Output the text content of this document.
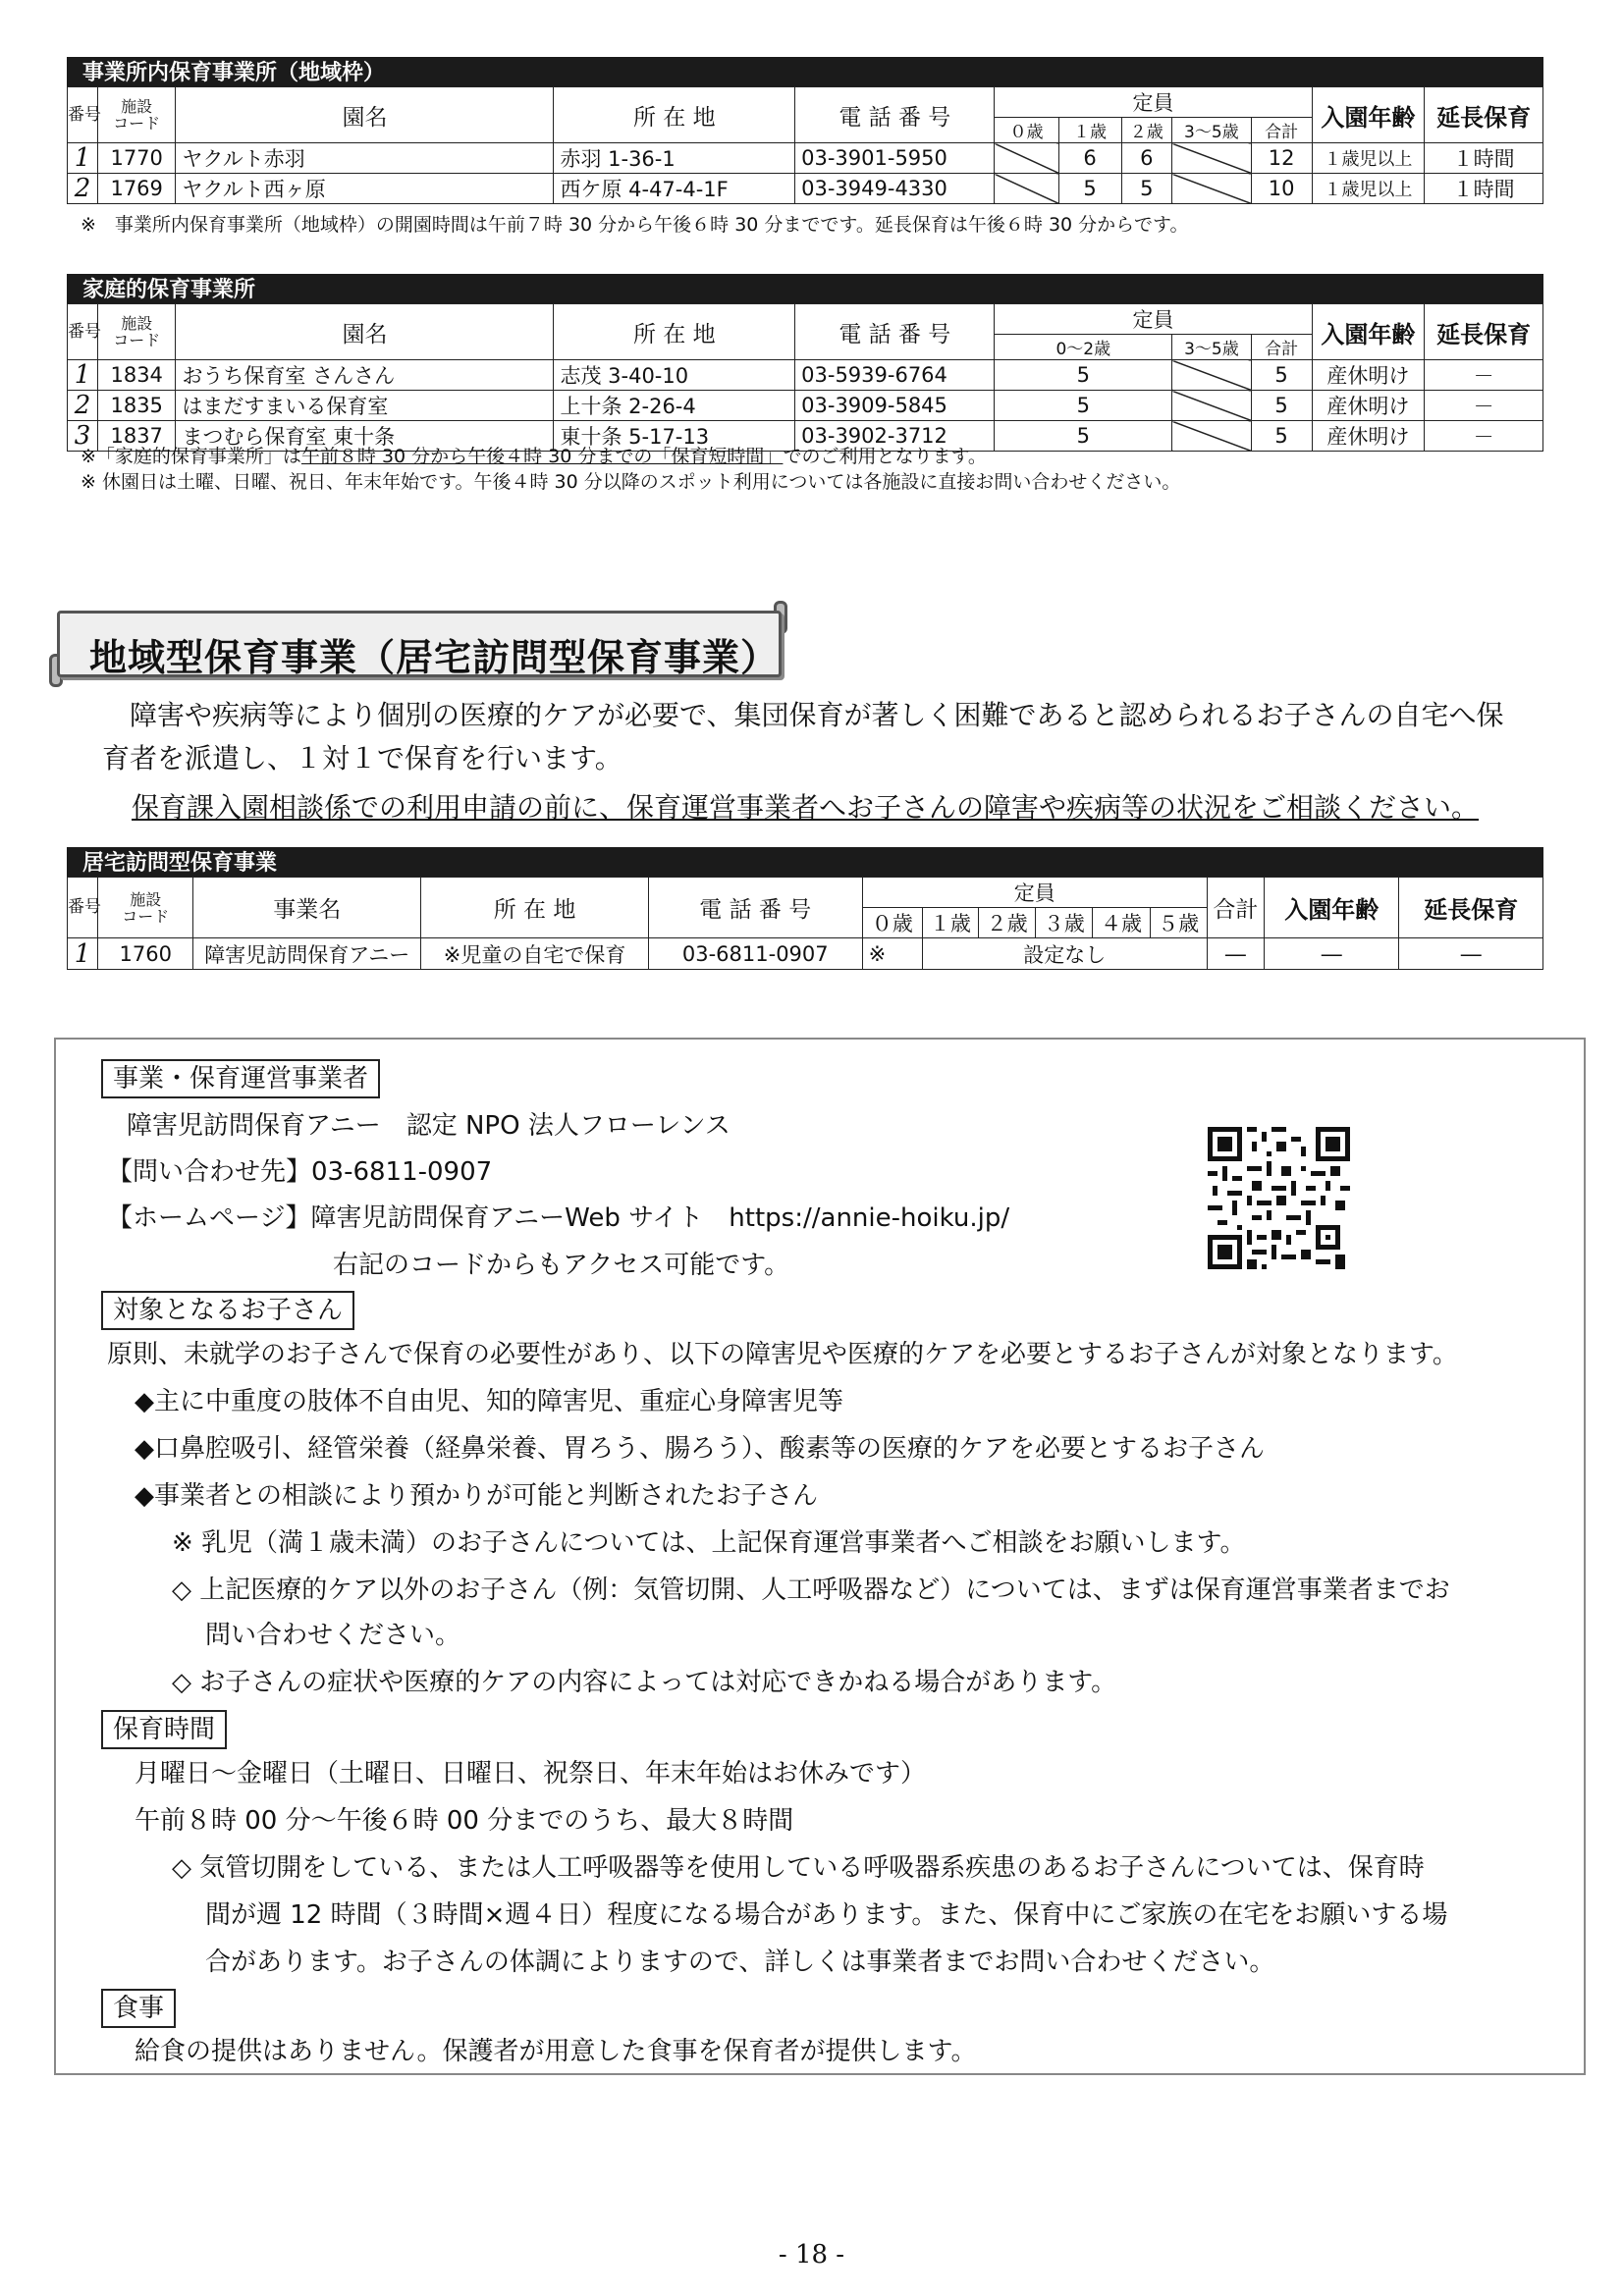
事業所内保育事業所（地域枠）
番号	施設
コード	園名	所 在 地	電 話 番 号	定員					入園年齢	延長保育
					０歳	１歳	２歳	3～5歳	合計		
1	1770	ヤクルト赤羽	赤羽 1-36-1	03-3901-5950		6	6		12	１歳児以上	１時間
2	1769	ヤクルト西ヶ原	西ケ原 4-47-4-1F	03-3949-4330		5	5		10	１歳児以上	１時間
※　事業所内保育事業所（地域枠）の開園時間は午前７時 30 分から午後６時 30 分までです。延長保育は午後６時 30 分からです。
家庭的保育事業所
番号	施設
コード	園名	所 在 地	電 話 番 号	定員			入園年齢	延長保育
					0～2歳	3～5歳	合計		
1	1834	おうち保育室 さんさん	志茂 3-40-10	03-5939-6764	5		5	産休明け	－
2	1835	はまだすまいる保育室	上十条 2-26-4	03-3909-5845	5		5	産休明け	－
3	1837	まつむら保育室 東十条	東十条 5-17-13	03-3902-3712	5		5	産休明け	－
※「家庭的保育事業所」は午前８時 30 分から午後４時 30 分までの「保育短時間」でのご利用となります。
※ 休園日は土曜、日曜、祝日、年末年始です。午後４時 30 分以降のスポット利用については各施設に直接お問い合わせください。
地域型保育事業（居宅訪問型保育事業）
　障害や疾病等により個別の医療的ケアが必要で、集団保育が著しく困難であると認められるお子さんの自宅へ保
育者を派遣し、１対１で保育を行います。
保育課入園相談係での利用申請の前に、保育運営事業者へお子さんの障害や疾病等の状況をご相談ください。
居宅訪問型保育事業
番号	施設
コード	事業名	所 在 地	電 話 番 号	定員						合計	入園年齢	延長保育
					０歳	１歳	２歳	３歳	４歳	５歳			
1	1760	障害児訪問保育アニー	※児童の自宅で保育	03-6811-0907	※	設定なし					―	―	―
事業・保育運営事業者
障害児訪問保育アニー　認定 NPO 法人フローレンス
【問い合わせ先】03-6811-0907
【ホームページ】障害児訪問保育アニーWeb サイト　https://annie-hoiku.jp/
右記のコードからもアクセス可能です。
対象となるお子さん
原則、未就学のお子さんで保育の必要性があり、以下の障害児や医療的ケアを必要とするお子さんが対象となります。
◆主に中重度の肢体不自由児、知的障害児、重症心身障害児等
◆口鼻腔吸引、経管栄養（経鼻栄養、胃ろう、腸ろう）、酸素等の医療的ケアを必要とするお子さん
◆事業者との相談により預かりが可能と判断されたお子さん
※ 乳児（満１歳未満）のお子さんについては、上記保育運営事業者へご相談をお願いします。
◇ 上記医療的ケア以外のお子さん（例：気管切開、人工呼吸器など）については、まずは保育運営事業者までお
問い合わせください。
◇ お子さんの症状や医療的ケアの内容によっては対応できかねる場合があります。
保育時間
月曜日～金曜日（土曜日、日曜日、祝祭日、年末年始はお休みです）
午前８時 00 分～午後６時 00 分までのうち、最大８時間
◇ 気管切開をしている、または人工呼吸器等を使用している呼吸器系疾患のあるお子さんについては、保育時
間が週 12 時間（３時間×週４日）程度になる場合があります。また、保育中にご家族の在宅をお願いする場
合があります。お子さんの体調によりますので、詳しくは事業者までお問い合わせください。
食事
給食の提供はありません。保護者が用意した食事を保育者が提供します。
- 18 -
